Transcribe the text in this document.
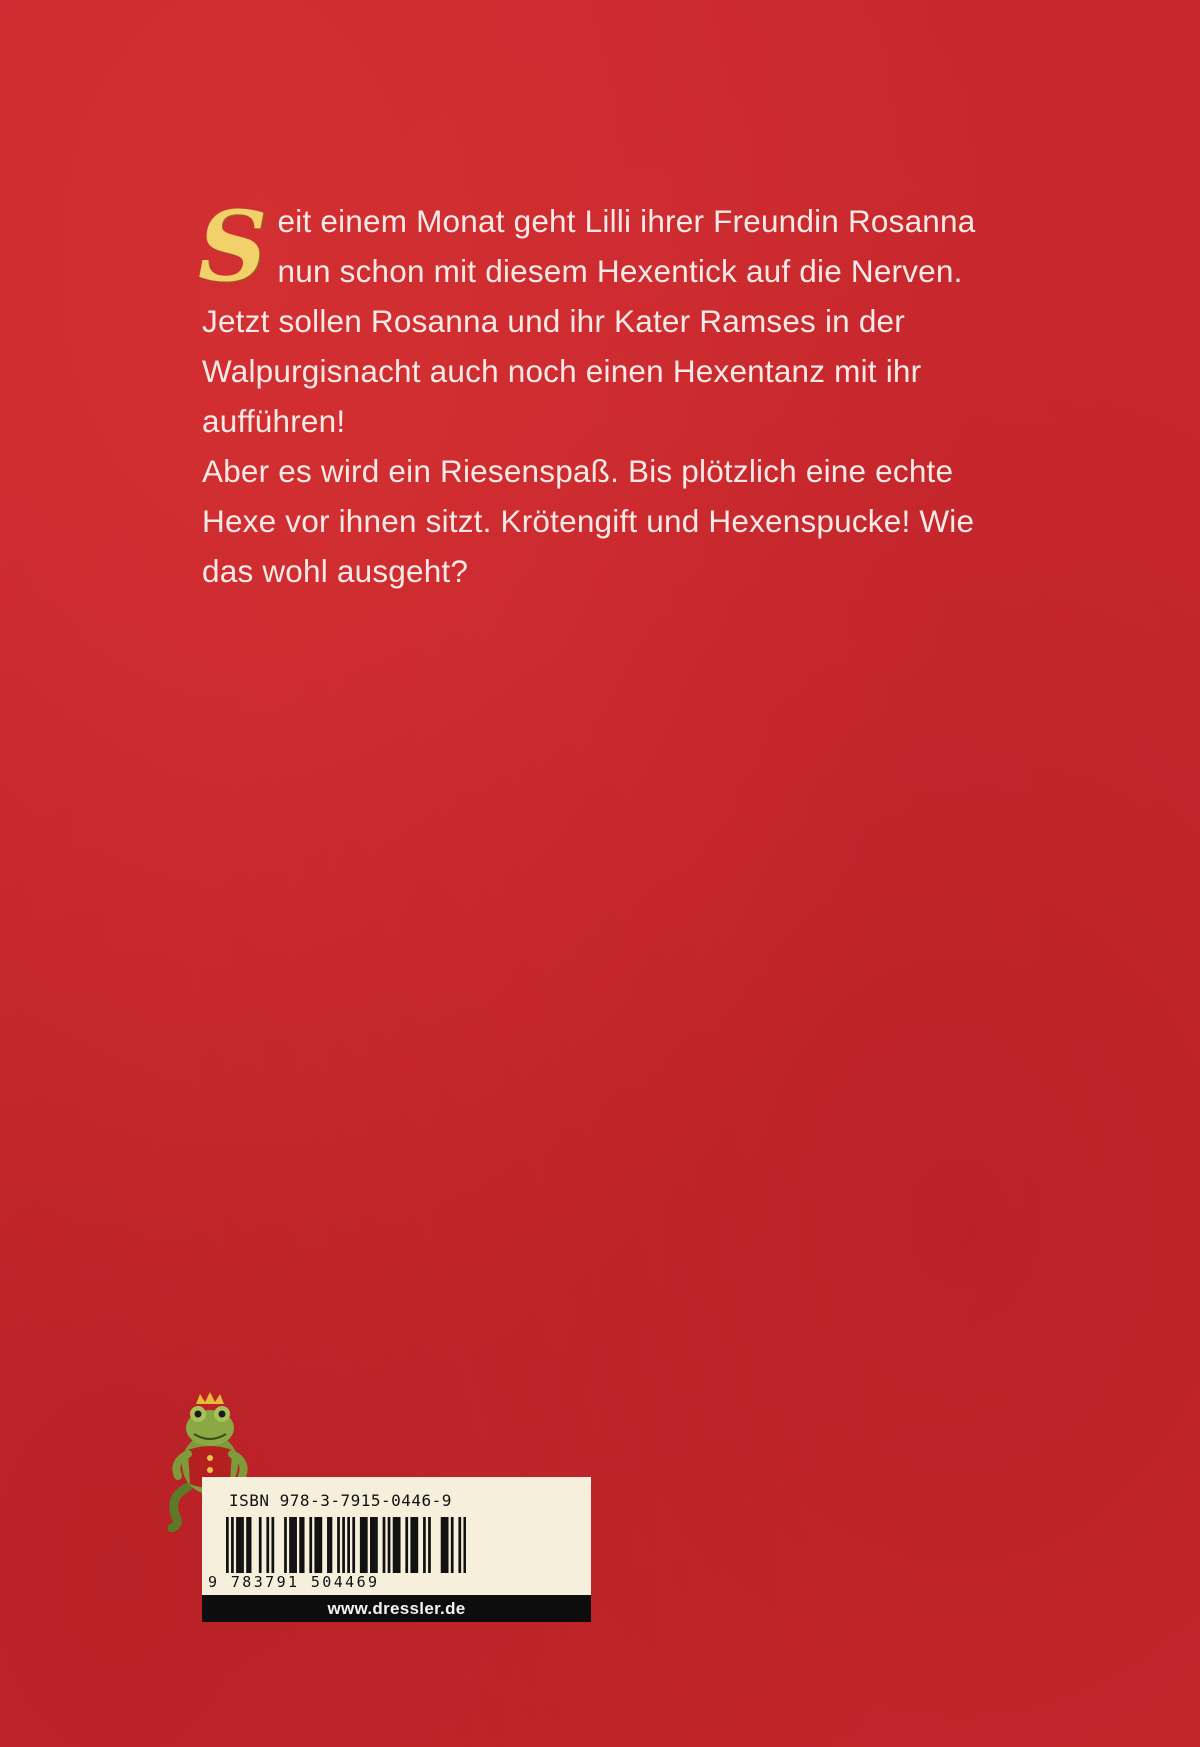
Seit einem Monat geht Lilli ihrer Freundin Rosanna nun schon mit diesem Hexentick auf die Nerven. Jetzt sollen Rosanna und ihr Kater Ramses in der Walpurgisnacht auch noch einen Hexentanz mit ihr aufführen!

Aber es wird ein Riesenspaß. Bis plötzlich eine echte Hexe vor ihnen sitzt. Krötengift und Hexenspucke! Wie das wohl ausgeht?

ISBN 978-3-7915-0446-9
9 783791 504469
www.dressler.de
